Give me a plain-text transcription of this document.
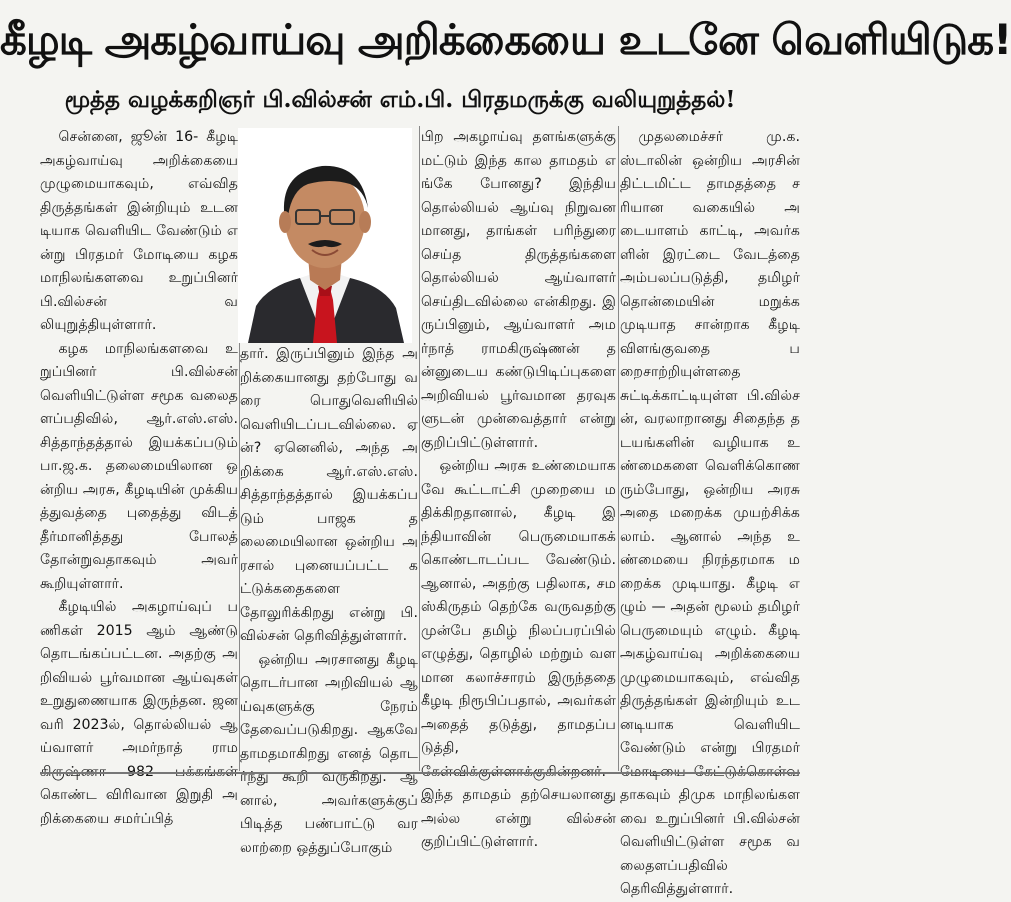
கீழடி அகழ்வாய்வு அறிக்கையை உடனே வெளியிடுக!
மூத்த வழக்கறிஞர் பி.வில்சன் எம்.பி. பிரதமருக்கு வலியுறுத்தல்!

சென்னை, ஜூன் 16- கீழடி அகழ்வாய்வு அறிக்கையை முழுமையாகவும், எவ்வித திருத்தங்கள் இன்றியும் உடனடியாக வெளியிட வேண்டும் என்று பிரதமர் மோடியை கழக மாநிலங்களவை உறுப்பினர் பி.வில்சன் வலியுறுத்தியுள்ளார்.

கழக மாநிலங்களவை உறுப்பினர் பி.வில்சன் வெளியிட்டுள்ள சமூக வலைதளப்பதிவில், ஆர்.எஸ்.எஸ். சித்தாந்தத்தால் இயக்கப்படும் பா.ஜ.க. தலைமையிலான ஒன்றிய அரசு, கீழடியின் முக்கியத்துவத்தை புதைத்து விடத் தீர்மானித்தது போலத் தோன்றுவதாகவும் அவர் கூறியுள்ளார்.

கீழடியில் அகழாய்வுப் பணிகள் 2015 ஆம் ஆண்டு தொடங்கப்பட்டன. அதற்கு அறிவியல் பூர்வமான ஆய்வுகள் உறுதுணையாக இருந்தன. ஜனவரி 2023ல், தொல்லியல் ஆய்வாளர் அமர்நாத் ராமகிருஷ்ணா 982 பக்கங்கள் கொண்ட விரிவான இறுதி அறிக்கையை சமர்ப்பித்

தார். இருப்பினும் இந்த அறிக்கையானது தற்போது வரை பொதுவெளியில் வெளியிடப்படவில்லை. ஏன்? ஏனெனில், அந்த அறிக்கை ஆர்.எஸ்.எஸ். சித்தாந்தத்தால் இயக்கப்படும் பாஜக தலைமையிலான ஒன்றிய அரசால் புனையப்பட்ட கட்டுக்கதைகளை தோலுரிக்கிறது என்று பி.வில்சன் தெரிவித்துள்ளார்.

ஒன்றிய அரசானது கீழடி தொடர்பான அறிவியல் ஆய்வுகளுக்கு நேரம் தேவைப்படுகிறது. ஆகவே தாமதமாகிறது எனத் தொடர்ந்து கூறி வருகிறது. ஆனால், அவர்களுக்குப் பிடித்த பண்பாட்டு வரலாற்றை ஒத்துப்போகும்

பிற அகழாய்வு தளங்களுக்கு மட்டும் இந்த கால தாமதம் எங்கே போனது? இந்திய தொல்லியல் ஆய்வு நிறுவனமானது, தாங்கள் பரிந்துரை செய்த திருத்தங்களை தொல்லியல் ஆய்வாளர் செய்திடவில்லை என்கிறது. இருப்பினும், ஆய்வாளர் அமர்நாத் ராமகிருஷ்ணன் தன்னுடைய கண்டுபிடிப்புகளை அறிவியல் பூர்வமான தரவுகளுடன் முன்வைத்தார் என்று குறிப்பிட்டுள்ளார்.

ஒன்றிய அரசு உண்மையாகவே கூட்டாட்சி முறையை மதிக்கிறதானால், கீழடி இந்தியாவின் பெருமையாகக் கொண்டாடப்பட வேண்டும். ஆனால், அதற்கு பதிலாக, சமஸ்கிருதம் தெற்கே வருவதற்கு முன்பே தமிழ் நிலப்பரப்பில் எழுத்து, தொழில் மற்றும் வளமான கலாச்சாரம் இருந்ததை கீழடி நிரூபிப்பதால், அவர்கள் அதைத் தடுத்து, தாமதப்படுத்தி, கேள்விக்குள்ளாக்குகின்றனர். இந்த தாமதம் தற்செயலானது அல்ல என்று வில்சன் குறிப்பிட்டுள்ளார்.

முதலமைச்சர் மு.க.ஸ்டாலின் ஒன்றிய அரசின் திட்டமிட்ட தாமதத்தை சரியான வகையில் அடையாளம் காட்டி, அவர்களின் இரட்டை வேடத்தை அம்பலப்படுத்தி, தமிழர் தொன்மையின் மறுக்க முடியாத சான்றாக கீழடி விளங்குவதை பறைசாற்றியுள்ளதை சுட்டிக்காட்டியுள்ள பி.வில்சன், வரலாறானது சிதைந்த தடயங்களின் வழியாக உண்மைகளை வெளிக்கொணரும்போது, ஒன்றிய அரசு அதை மறைக்க முயற்சிக்கலாம். ஆனால் அந்த உண்மையை நிரந்தரமாக மறைக்க முடியாது. கீழடி எழும் — அதன் மூலம் தமிழர் பெருமையும் எழும். கீழடி அகழ்வாய்வு அறிக்கையை முழுமையாகவும், எவ்வித திருத்தங்கள் இன்றியும் உடனடியாக வெளியிட வேண்டும் என்று பிரதமர் மோடியை கேட்டுக்கொள்வதாகவும் திமுக மாநிலங்களவை உறுப்பினர் பி.வில்சன் வெளியிட்டுள்ள சமூக வலைதளப்பதிவில் தெரிவித்துள்ளார்.
